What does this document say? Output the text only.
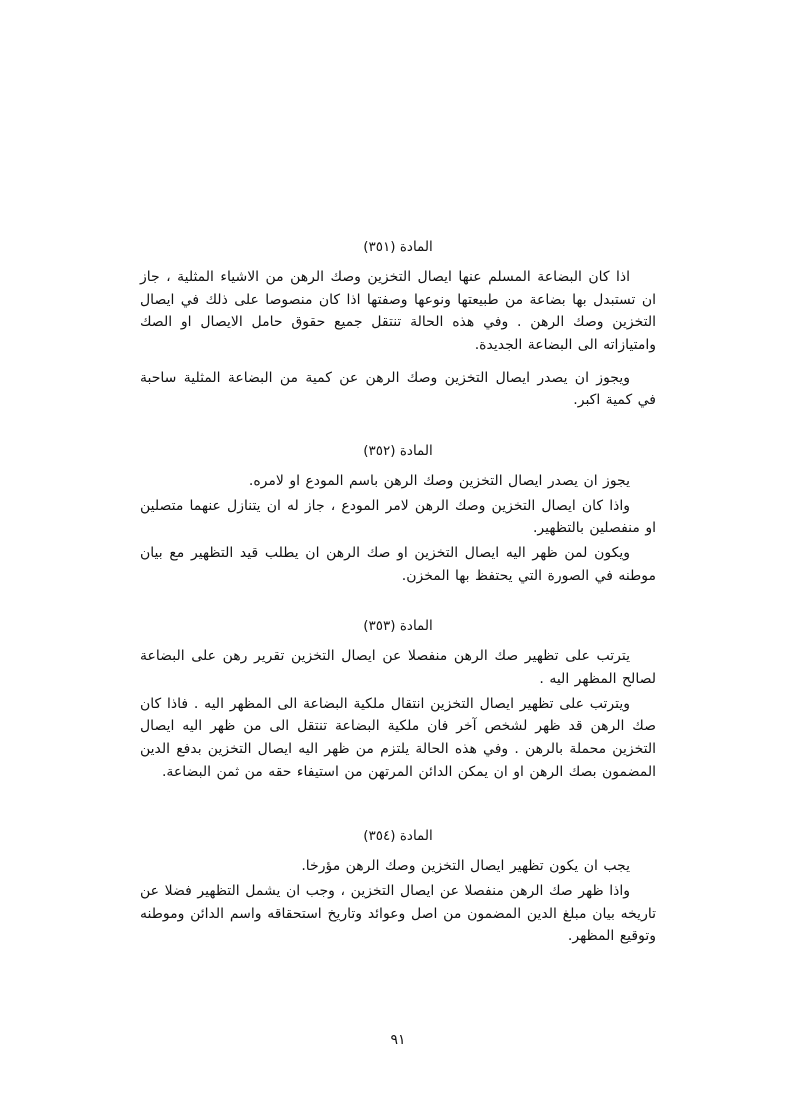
المادة (٣٥١)

اذا كان البضاعة المسلم عنها ايصال التخزين وصك الرهن من الاشياء المثلية ، جاز ان تستبدل بها بضاعة من طبيعتها ونوعها وصفتها اذا كان منصوصا على ذلك في ايصال التخزين وصك الرهن . وفي هذه الحالة تنتقل جميع حقوق حامل الايصال او الصك وامتيازاته الى البضاعة الجديدة.

ويجوز ان يصدر ايصال التخزين وصك الرهن عن كمية من البضاعة المثلية ساحبة في كمية اكبر.

المادة (٣٥٢)

يجوز ان يصدر ايصال التخزين وصك الرهن باسم المودع او لامره.

واذا كان ايصال التخزين وصك الرهن لامر المودع ، جاز له ان يتنازل عنهما متصلين او منفصلين بالتظهير.

ويكون لمن ظهر اليه ايصال التخزين او صك الرهن ان يطلب قيد التظهير مع بيان موطنه في الصورة التي يحتفظ بها المخزن.

المادة (٣٥٣)

يترتب على تظهير صك الرهن منفصلا عن ايصال التخزين تقرير رهن على البضاعة لصالح المظهر اليه .

ويترتب على تظهير ايصال التخزين انتقال ملكية البضاعة الى المظهر اليه . فاذا كان صك الرهن قد ظهر لشخص آخر فان ملكية البضاعة تنتقل الى من ظهر اليه ايصال التخزين محملة بالرهن . وفي هذه الحالة يلتزم من ظهر اليه ايصال التخزين بدفع الدين المضمون بصك الرهن او ان يمكن الدائن المرتهن من استيفاء حقه من ثمن البضاعة.

المادة (٣٥٤)

يجب ان يكون تظهير ايصال التخزين وصك الرهن مؤرخا.

واذا ظهر صك الرهن منفصلا عن ايصال التخزين ، وجب ان يشمل التظهير فضلا عن تاريخه بيان مبلغ الدين المضمون من اصل وعوائد وتاريخ استحقاقه واسم الدائن وموطنه وتوقيع المظهر.

٩١
